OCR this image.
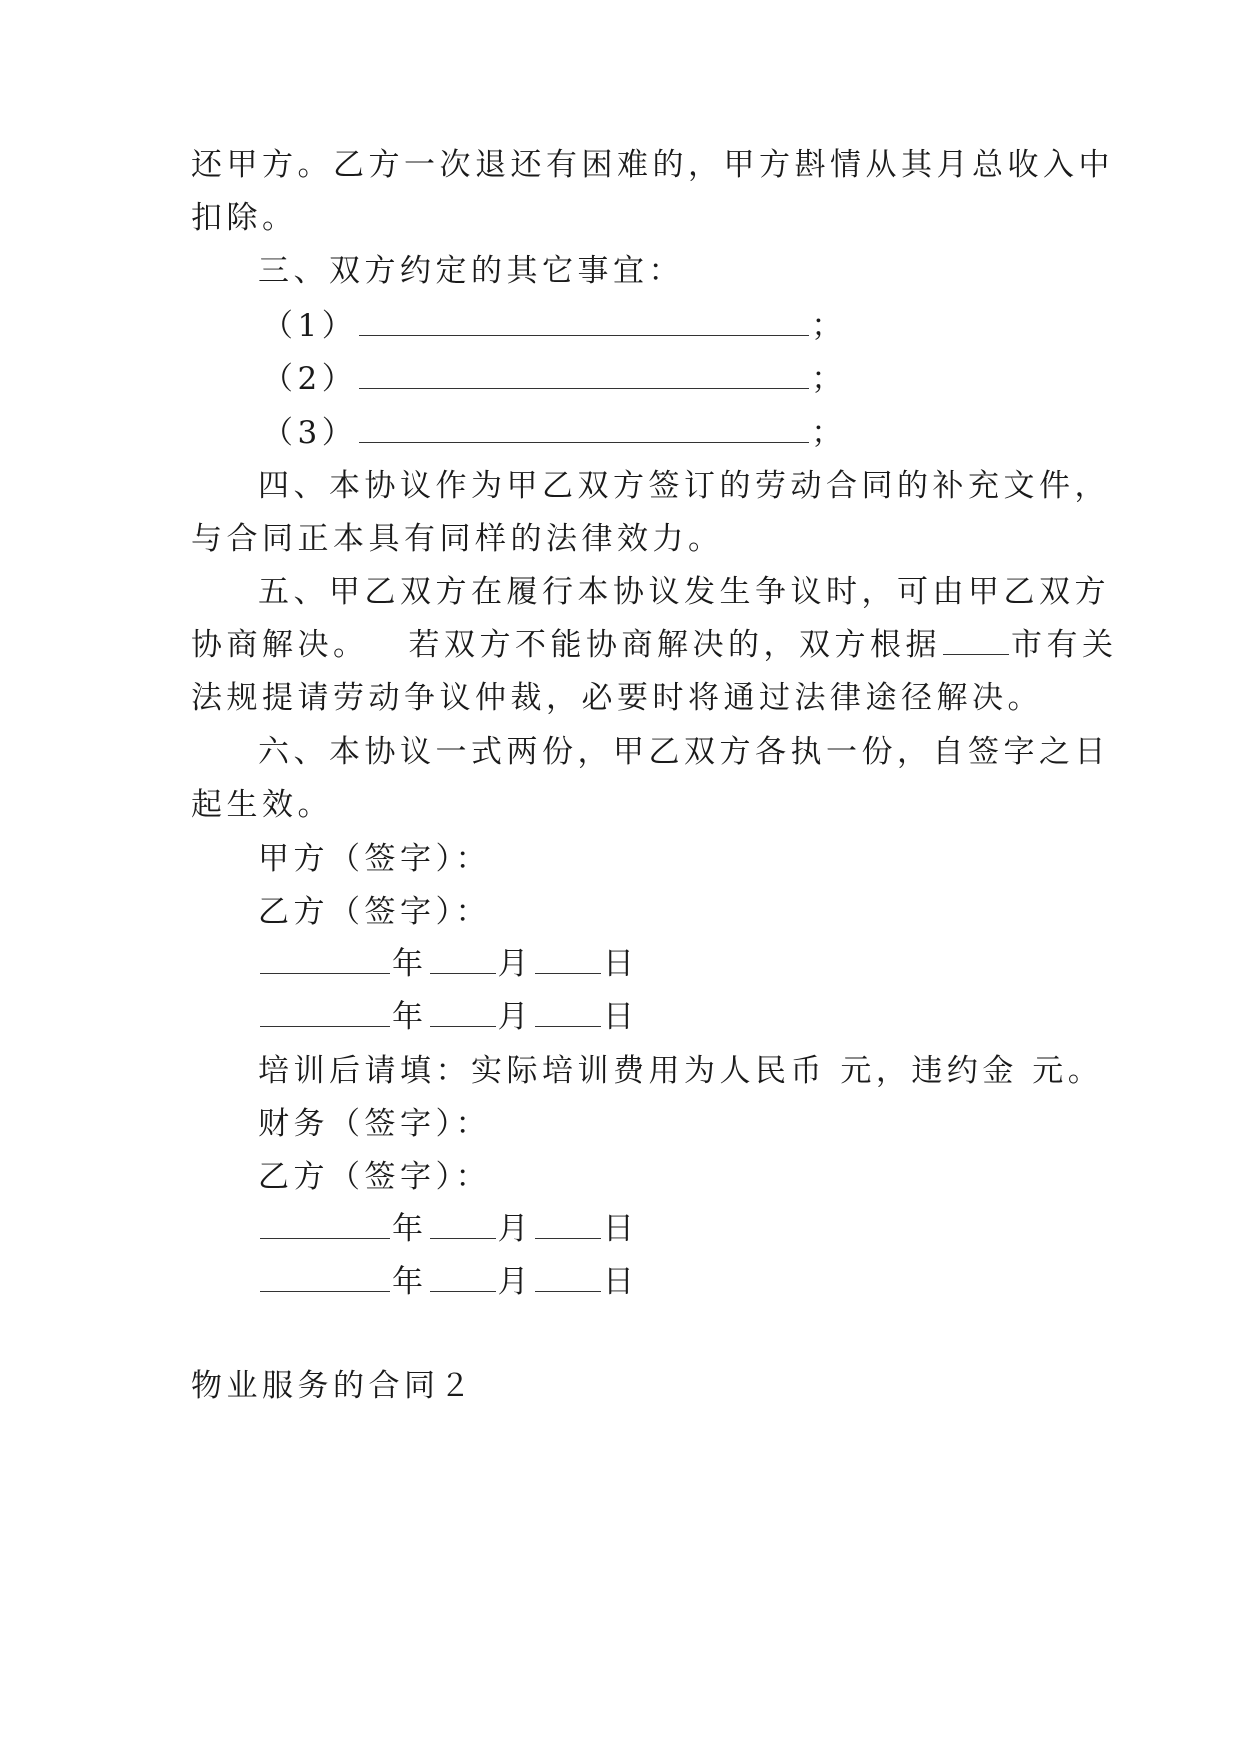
还甲方。乙方一次退还有困难的，甲方斟情从其月总收入中
扣除。
三、双方约定的其它事宜：
（1）	；
（2）	；
（3）	；
四、本协议作为甲乙双方签订的劳动合同的补充文件，
与合同正本具有同样的法律效力。
五、甲乙双方在履行本协议发生争议时，可由甲乙双方
协商解决。 若双方不能协商解决的，双方根据 市有关
法规提请劳动争议仲裁，必要时将通过法律途径解决。
六、本协议一式两份，甲乙双方各执一份，自签字之日
起生效。
甲方（签字）：
乙方（签字）：
年 月 日
年 月 日
培训后请填：实际培训费用为人民币 元，违约金 元。
财务（签字）：
乙方（签字）：
年 月 日
年 月 日
物业服务的合同２
